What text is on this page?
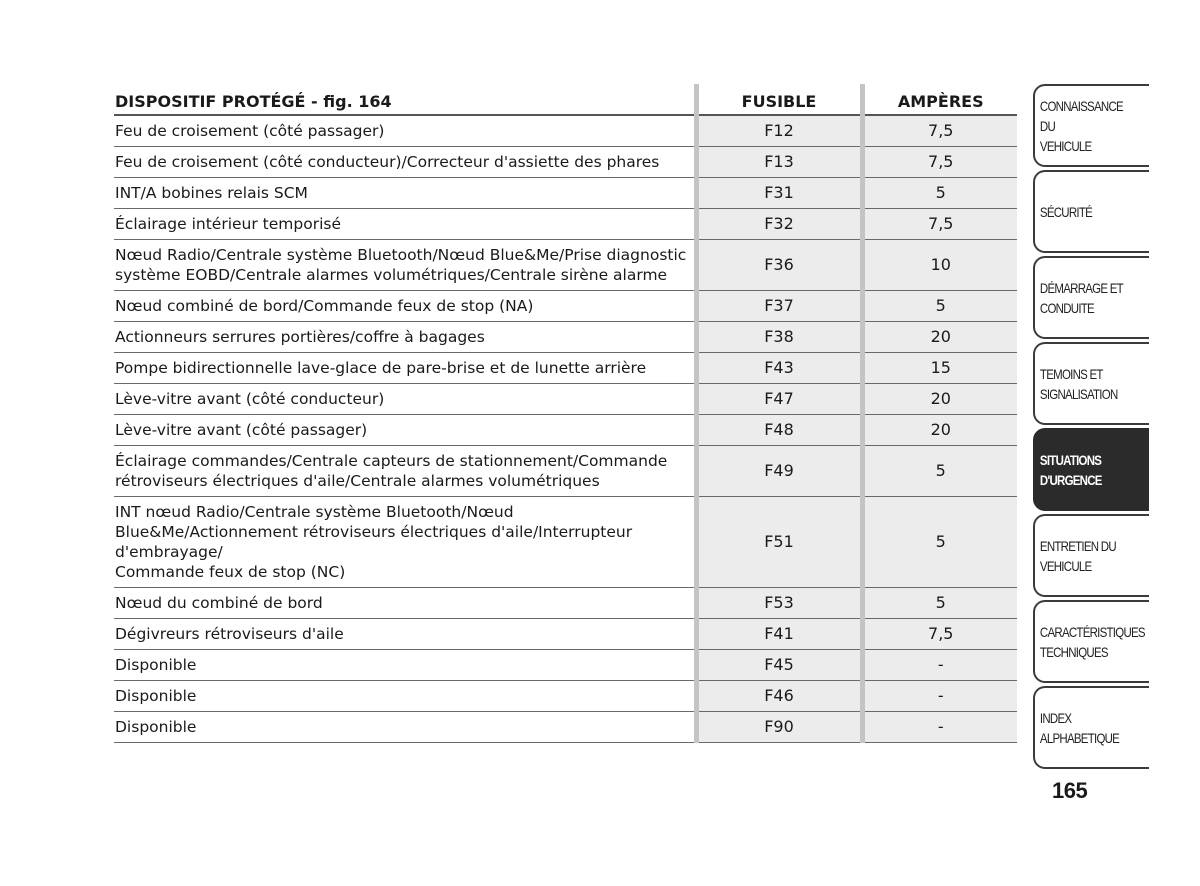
DISPOSITIF PROTÉGÉ - fig. 164	FUSIBLE	AMPÈRES
Feu de croisement (côté passager)	F12	7,5
Feu de croisement (côté conducteur)/Correcteur d'assiette des phares	F13	7,5
INT/A bobines relais SCM	F31	5
Éclairage intérieur temporisé	F32	7,5
Nœud Radio/Centrale système Bluetooth/Nœud Blue&Me/Prise diagnostic
système EOBD/Centrale alarmes volumétriques/Centrale sirène alarme	F36	10
Nœud combiné de bord/Commande feux de stop (NA)	F37	5
Actionneurs serrures portières/coffre à bagages	F38	20
Pompe bidirectionnelle lave-glace de pare-brise et de lunette arrière	F43	15
Lève-vitre avant (côté conducteur)	F47	20
Lève-vitre avant (côté passager)	F48	20
Éclairage commandes/Centrale capteurs de stationnement/Commande
rétroviseurs électriques d'aile/Centrale alarmes volumétriques	F49	5
INT nœud Radio/Centrale système Bluetooth/Nœud
Blue&Me/Actionnement rétroviseurs électriques d'aile/Interrupteur
d'embrayage/
Commande feux de stop (NC)	F51	5
Nœud du combiné de bord	F53	5
Dégivreurs rétroviseurs d'aile	F41	7,5
Disponible	F45	-
Disponible	F46	-
Disponible	F90	-
CONNAISSANCE DU
VEHICULE
SÉCURITÉ
DÉMARRAGE ET
CONDUITE
TEMOINS ET
SIGNALISATION
SITUATIONS
D'URGENCE
ENTRETIEN DU
VEHICULE
CARACTÉRISTIQUES
TECHNIQUES
INDEX
ALPHABETIQUE
165
